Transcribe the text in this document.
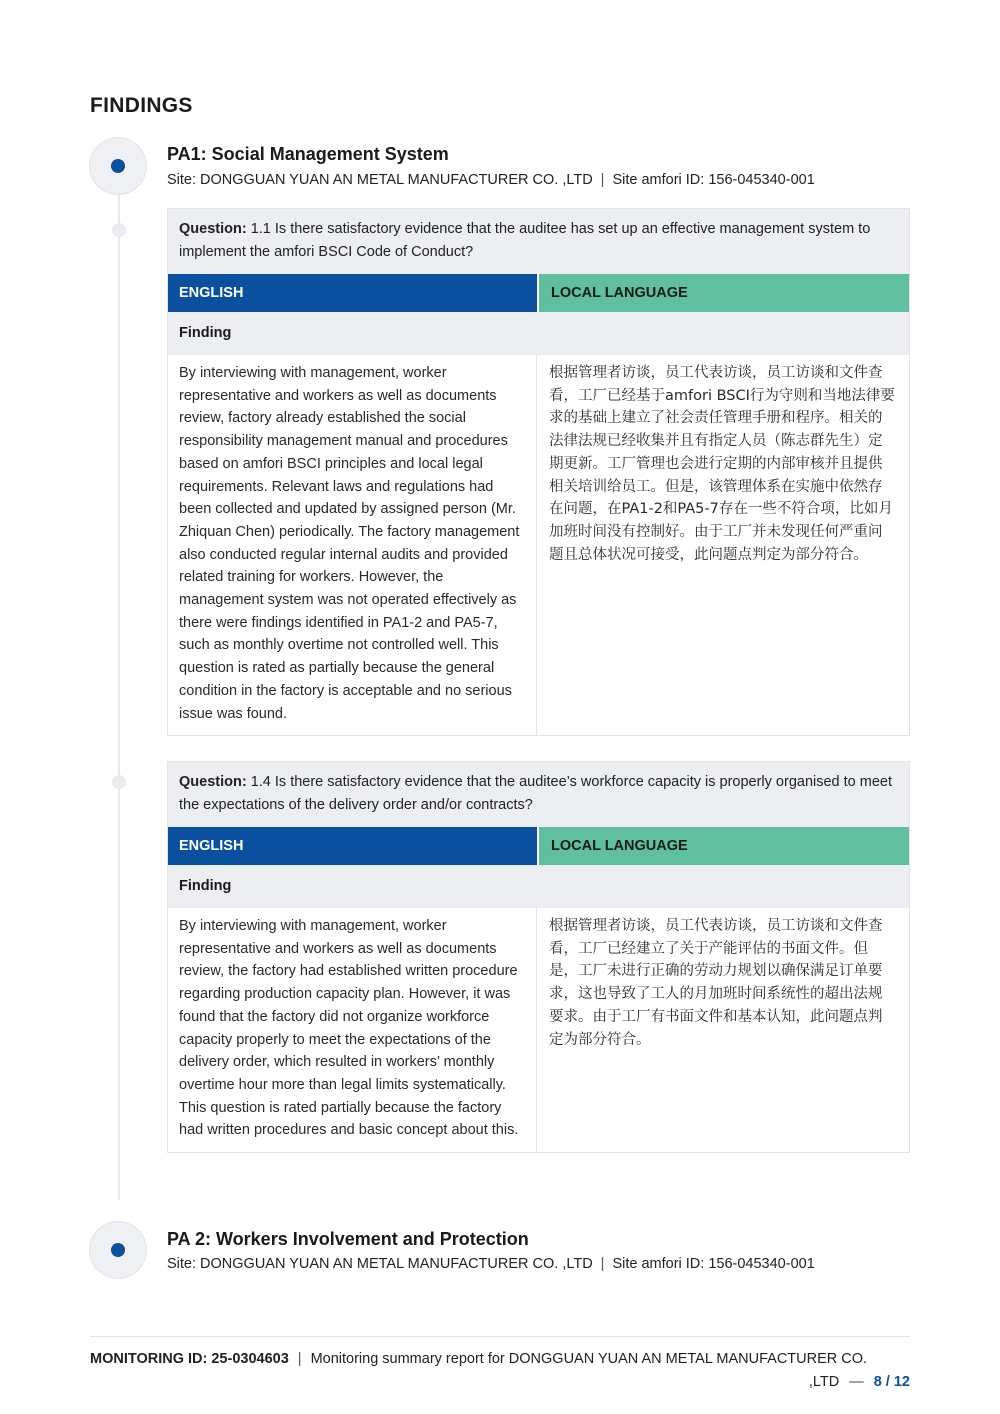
FINDINGS
PA1: Social Management System
Site: DONGGUAN YUAN AN METAL MANUFACTURER CO. ,LTD | Site amfori ID: 156-045340-001
Question: 1.1 Is there satisfactory evidence that the auditee has set up an effective management system to implement the amfori BSCI Code of Conduct?
ENGLISH	LOCAL LANGUAGE
Finding
By interviewing with management, worker representative and workers as well as documents review, factory already established the social responsibility management manual and procedures based on amfori BSCI principles and local legal requirements. Relevant laws and regulations had been collected and updated by assigned person (Mr. Zhiquan Chen) periodically. The factory management also conducted regular internal audits and provided related training for workers. However, the management system was not operated effectively as there were findings identified in PA1-2 and PA5-7, such as monthly overtime not controlled well. This question is rated as partially because the general condition in the factory is acceptable and no serious issue was found.
根据管理者访谈，员工代表访谈，员工访谈和文件查看，工厂已经基于amfori BSCI行为守则和当地法律要求的基础上建立了社会责任管理手册和程序。相关的法律法规已经收集并且有指定人员（陈志群先生）定期更新。工厂管理也会进行定期的内部审核并且提供相关培训给员工。但是，该管理体系在实施中依然存在问题，在PA1-2和PA5-7存在一些不符合项，比如月加班时间没有控制好。由于工厂并未发现任何严重问题且总体状况可接受，此问题点判定为部分符合。
Question: 1.4 Is there satisfactory evidence that the auditee’s workforce capacity is properly organised to meet the expectations of the delivery order and/or contracts?
ENGLISH	LOCAL LANGUAGE
Finding
By interviewing with management, worker representative and workers as well as documents review, the factory had established written procedure regarding production capacity plan. However, it was found that the factory did not organize workforce capacity properly to meet the expectations of the delivery order, which resulted in workers’ monthly overtime hour more than legal limits systematically. This question is rated partially because the factory had written procedures and basic concept about this.
根据管理者访谈，员工代表访谈，员工访谈和文件查看，工厂已经建立了关于产能评估的书面文件。但是，工厂未进行正确的劳动力规划以确保满足订单要求，这也导致了工人的月加班时间系统性的超出法规要求。由于工厂有书面文件和基本认知，此问题点判定为部分符合。
PA 2: Workers Involvement and Protection
Site: DONGGUAN YUAN AN METAL MANUFACTURER CO. ,LTD | Site amfori ID: 156-045340-001
MONITORING ID: 25-0304603 | Monitoring summary report for DONGGUAN YUAN AN METAL MANUFACTURER CO.
,LTD — 8 / 12
